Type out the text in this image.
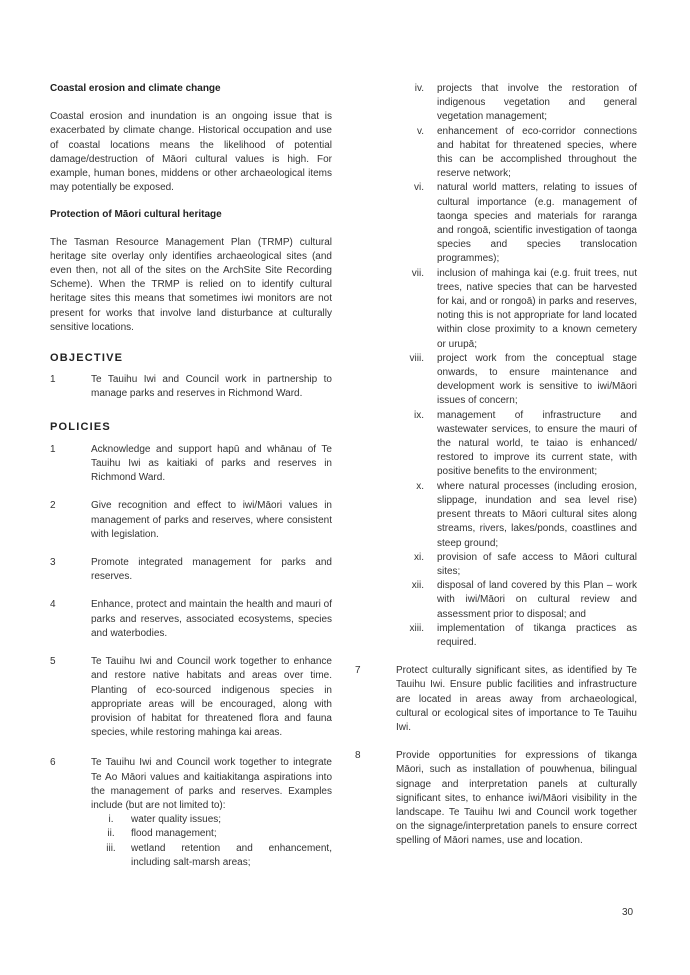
Coastal erosion and climate change

Coastal erosion and inundation is an ongoing issue that is exacerbated by climate change. Historical occupation and use of coastal locations means the likelihood of potential damage/destruction of Māori cultural values is high. For example, human bones, middens or other archaeological items may potentially be exposed.

Protection of Māori cultural heritage

The Tasman Resource Management Plan (TRMP) cultural heritage site overlay only identifies archaeological sites (and even then, not all of the sites on the ArchSite Site Recording Scheme). When the TRMP is relied on to identify cultural heritage sites this means that sometimes iwi monitors are not present for works that involve land disturbance at culturally sensitive locations.

OBJECTIVE

1	Te Tauihu Iwi and Council work in partnership to manage parks and reserves in Richmond Ward.

POLICIES

1	Acknowledge and support hapū and whānau of Te Tauihu Iwi as kaitiaki of parks and reserves in Richmond Ward.

2	Give recognition and effect to iwi/Māori values in management of parks and reserves, where consistent with legislation.

3	Promote integrated management for parks and reserves.

4	Enhance, protect and maintain the health and mauri of parks and reserves, associated ecosystems, species and waterbodies.

5	Te Tauihu Iwi and Council work together to enhance and restore native habitats and areas over time. Planting of eco-sourced indigenous species in appropriate areas will be encouraged, along with provision of habitat for threatened flora and fauna species, while restoring mahinga kai areas.

6	Te Tauihu Iwi and Council work together to integrate Te Ao Māori values and kaitiakitanga aspirations into the management of parks and reserves. Examples include (but are not limited to):

i.	water quality issues;

ii.	flood management;

iii.	wetland retention and enhancement, including salt-marsh areas;

iv.	projects that involve the restoration of indigenous vegetation and general vegetation management;

v.	enhancement of eco-corridor connections and habitat for threatened species, where this can be accomplished throughout the reserve network;

vi.	natural world matters, relating to issues of cultural importance (e.g. management of taonga species and materials for raranga and rongoā, scientific investigation of taonga species and species translocation programmes);

vii.	inclusion of mahinga kai (e.g. fruit trees, nut trees, native species that can be harvested for kai, and or rongoā) in parks and reserves, noting this is not appropriate for land located within close proximity to a known cemetery or urupā;

viii.	project work from the conceptual stage onwards, to ensure maintenance and development work is sensitive to iwi/Māori issues of concern;

ix.	management of infrastructure and wastewater services, to ensure the mauri of the natural world, te taiao is enhanced/ restored to improve its current state, with positive benefits to the environment;

x.	where natural processes (including erosion, slippage, inundation and sea level rise) present threats to Māori cultural sites along streams, rivers, lakes/ponds, coastlines and steep ground;

xi.	provision of safe access to Māori cultural sites;

xii.	disposal of land covered by this Plan – work with iwi/Māori on cultural review and assessment prior to disposal; and

xiii.	implementation of tikanga practices as required.

7	Protect culturally significant sites, as identified by Te Tauihu Iwi. Ensure public facilities and infrastructure are located in areas away from archaeological, cultural or ecological sites of importance to Te Tauihu Iwi.

8	Provide opportunities for expressions of tikanga Māori, such as installation of pouwhenua, bilingual signage and interpretation panels at culturally significant sites, to enhance iwi/Māori visibility in the landscape. Te Tauihu Iwi and Council work together on the signage/interpretation panels to ensure correct spelling of Māori names, use and location.

30
